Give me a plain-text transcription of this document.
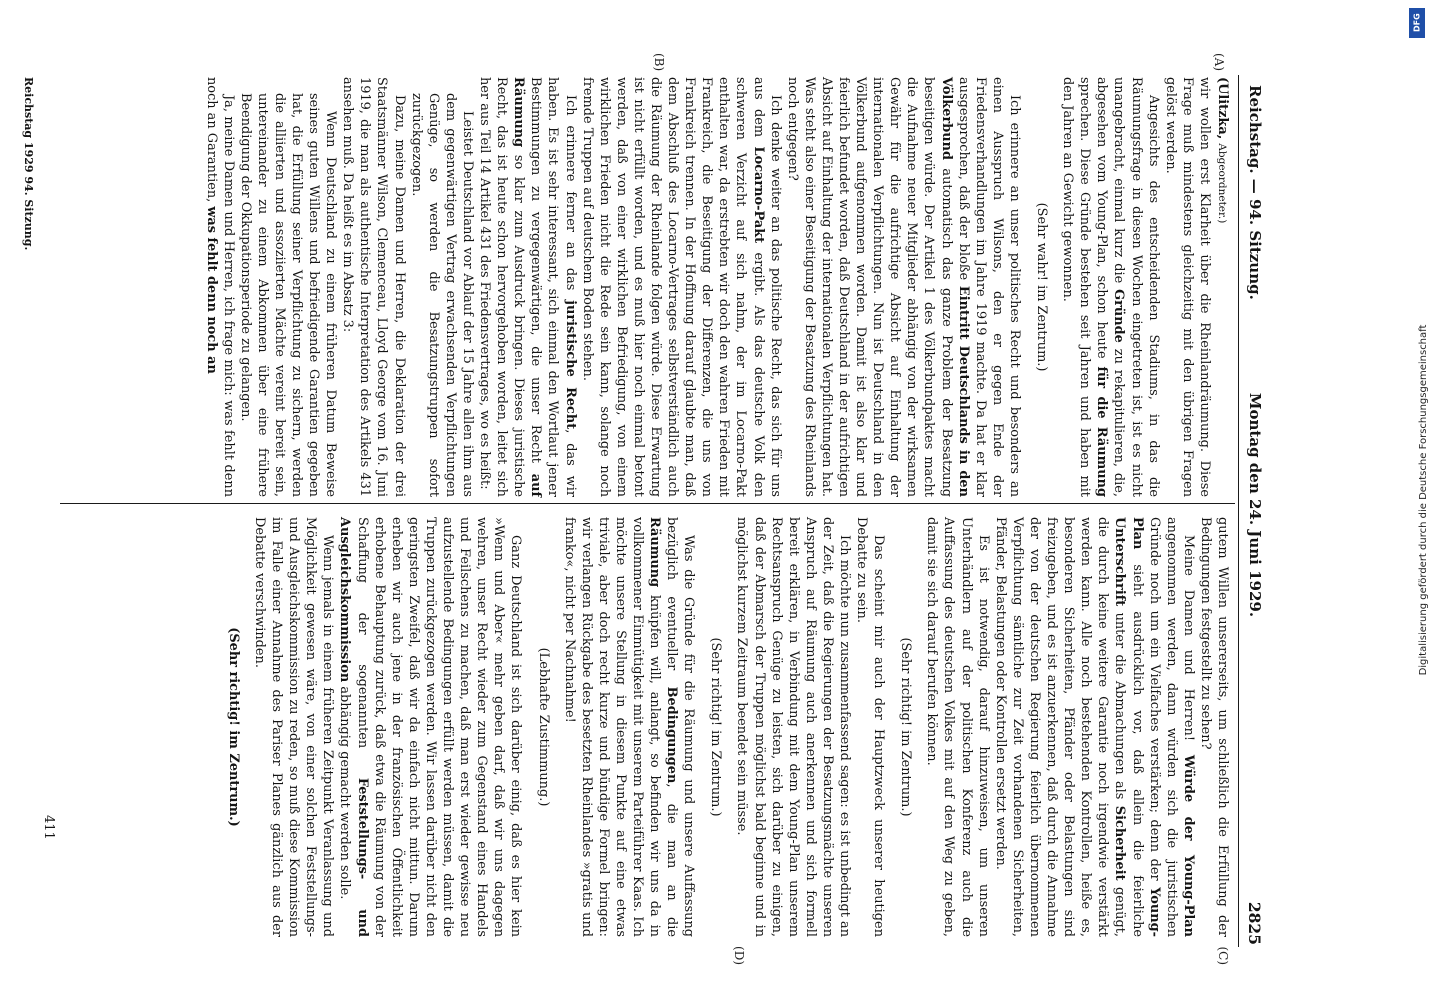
Reichstag. — 94. Sitzung.
Montag den 24. Juni 1929.
2825
(A)
(B)
(C)
(D)

(Ulitzka, Abgeordneter.)

wir wollen erst Klarheit über die Rheinlandräumung. Diese Frage muß mindestens gleichzeitig mit den übrigen Fragen gelöst werden.

Angesichts des entscheidenden Stadiums, in das die Räumungsfrage in diesen Wochen eingetreten ist, ist es nicht unangebracht, einmal kurz die Gründe zu rekapitulieren, die, abgesehen vom Young-Plan, schon heute für die Räumung sprechen. Diese Gründe bestehen seit Jahren und haben mit den Jahren an Gewicht gewonnen.

(Sehr wahr! im Zentrum.)

Ich erinnere an unser politisches Recht und besonders an einen Ausspruch Wilsons, den er gegen Ende der Friedensverhandlungen im Jahre 1919 machte. Da hat er klar ausgesprochen, daß der bloße Eintritt Deutschlands in den Völkerbund automatisch das ganze Problem der Besatzung beseitigen würde. Der Artikel 1 des Völkerbundpaktes macht die Aufnahme neuer Mitglieder abhängig von der wirksamen Gewähr für die aufrichtige Absicht auf Einhaltung der internationalen Verpflichtungen. Nun ist Deutschland in den Völkerbund aufgenommen worden. Damit ist also klar und feierlich befundet worden, daß Deutschland in der aufrichtigen Absicht auf Einhaltung der internationalen Verpflichtungen hat. Was steht also einer Beseitigung der Besatzung des Rheinlands noch entgegen?

Ich denke weiter an das politische Recht, das sich für uns aus dem Locarno-Pakt ergibt. Als das deutsche Volk den schweren Verzicht auf sich nahm, der im Locarno-Pakt enthalten war, da erstrebten wir doch den wahren Frieden mit Frankreich, die Beseitigung der Differenzen, die uns von Frankreich trennen. In der Hoffnung darauf glaubte man, daß dem Abschluß des Locarno-Vertrages selbstverständlich auch die Räumung der Rheinlande folgen würde. Diese Erwartung ist nicht erfüllt worden, und es muß hier noch einmal betont werden, daß von einer wirklichen Befriedigung, von einem wirklichen Frieden nicht die Rede sein kann, solange noch fremde Truppen auf deutschem Boden stehen.

Ich erinnere ferner an das juristische Recht, das wir haben. Es ist sehr interessant, sich einmal den Wortlaut jener Bestimmungen zu vergegenwärtigen, die unser Recht auf Räumung so klar zum Ausdruck bringen. Dieses juristische Recht, das ist heute schon hervorgehoben worden, leitet sich her aus Teil 14 Artikel 431 des Friedensvertrages, wo es heißt:

Leistet Deutschland vor Ablauf der 15 Jahre allen ihm aus dem gegenwärtigen Vertrag erwachsenden Verpflichtungen Genüge, so werden die Besatzungstruppen sofort zurückgezogen.

Dazu, meine Damen und Herren, die Deklaration der drei Staatsmänner Wilson, Clemenceau, Lloyd George vom 16. Juni 1919, die man als authentische Interpretation des Artikels 431 ansehen muß. Da heißt es im Absatz 3:

Wenn Deutschland zu einem früheren Datum Beweise seines guten Willens und befriedigende Garantien gegeben hat, die Erfüllung seiner Verpflichtung zu sichern, werden die alliierten und assoziierten Mächte vereint bereit sein, untereinander zu einem Abkommen über eine frühere Beendigung der Okkupationsperiode zu gelangen.

Ja, meine Damen und Herren, ich frage mich: was fehlt denn noch an Garantien, was fehlt denn noch an

gutem Willen unsererseits, um schließlich die Erfüllung der Bedingungen festgestellt zu sehen?

Meine Damen und Herren! Würde der Young-Plan angenommen werden, dann würden sich die juristischen Gründe noch um ein Vielfaches verstärken; denn der Young-Plan sieht ausdrücklich vor, daß allein die feierliche Unterschrift unter die Abmachungen als Sicherheit genügt, die durch keine weitere Garantie noch irgendwie verstärkt werden kann. Alle noch bestehenden Kontrollen, heiße es, besonderen Sicherheiten, Pfänder oder Belastungen sind freizugeben, und es ist anzuerkennen, daß durch die Annahme der von der deutschen Regierung feierlich übernommenen Verpflichtung sämtliche zur Zeit vorhandenen Sicherheiten, Pfänder, Belastungen oder Kontrollen ersetzt werden.

Es ist notwendig, darauf hinzuweisen, um unseren Unterhändlern auf der politischen Konferenz auch die Auffassung des deutschen Volkes mit auf den Weg zu geben, damit sie sich darauf berufen können.

(Sehr richtig! im Zentrum.)

Das scheint mir auch der Hauptzweck unserer heutigen Debatte zu sein.

Ich möchte nun zusammenfassend sagen: es ist unbedingt an der Zeit, daß die Regierungen der Besatzungsmächte unseren Anspruch auf Räumung auch anerkennen und sich formell bereit erklären, in Verbindung mit dem Young-Plan unserem Rechtsanspruch Genüge zu leisten, sich darüber zu einigen, daß der Abmarsch der Truppen möglichst bald beginne und in möglichst kurzem Zeitraum beendet sein müsse.

(Sehr richtig! im Zentrum.)

Was die Gründe für die Räumung und unsere Auffassung bezüglich eventueller Bedingungen, die man an die Räumung knüpfen will, anlangt, so befinden wir uns da in vollkommener Einmütigkeit mit unserem Parteiführer Kaas. Ich möchte unsere Stellung in diesem Punkte auf eine etwas triviale, aber doch recht kurze und bündige Formel bringen: wir verlangen Rückgabe des besetzten Rheinlandes »gratis und franko«, nicht per Nachnahme!

(Lebhafte Zustimmung.)

Ganz Deutschland ist sich darüber einig, daß es hier kein »Wenn und Aber« mehr geben darf, daß wir uns dagegen wehren, unser Recht wieder zum Gegenstand eines Handels und Feilschens zu machen, daß man erst wieder gewisse neu aufzustellende Bedingungen erfüllt werden müssen, damit die Truppen zurückgezogen werden. Wir lassen darüber nicht den geringsten Zweifel, daß wir da einfach nicht mittun. Darum erheben wir auch jene in der französischen Öffentlichkeit erhobene Behauptung zurück, daß etwa die Räumung von der Schaffung der sogenannten Feststellungs- und Ausgleichskommission abhängig gemacht werden solle.

Wenn jemals in einem früheren Zeitpunkt Veranlassung und Möglichkeit gewesen wäre, von einer solchen Feststellungs- und Ausgleichskommission zu reden, so muß diese Kommission im Falle einer Annahme des Pariser Planes gänzlich aus der Debatte verschwinden.

(Sehr richtig! im Zentrum.)

Reichstag 1929 94. Sitzung.
411
DFG
Digitalisierung gefördert durch die Deutsche Forschungsgemeinschaft
